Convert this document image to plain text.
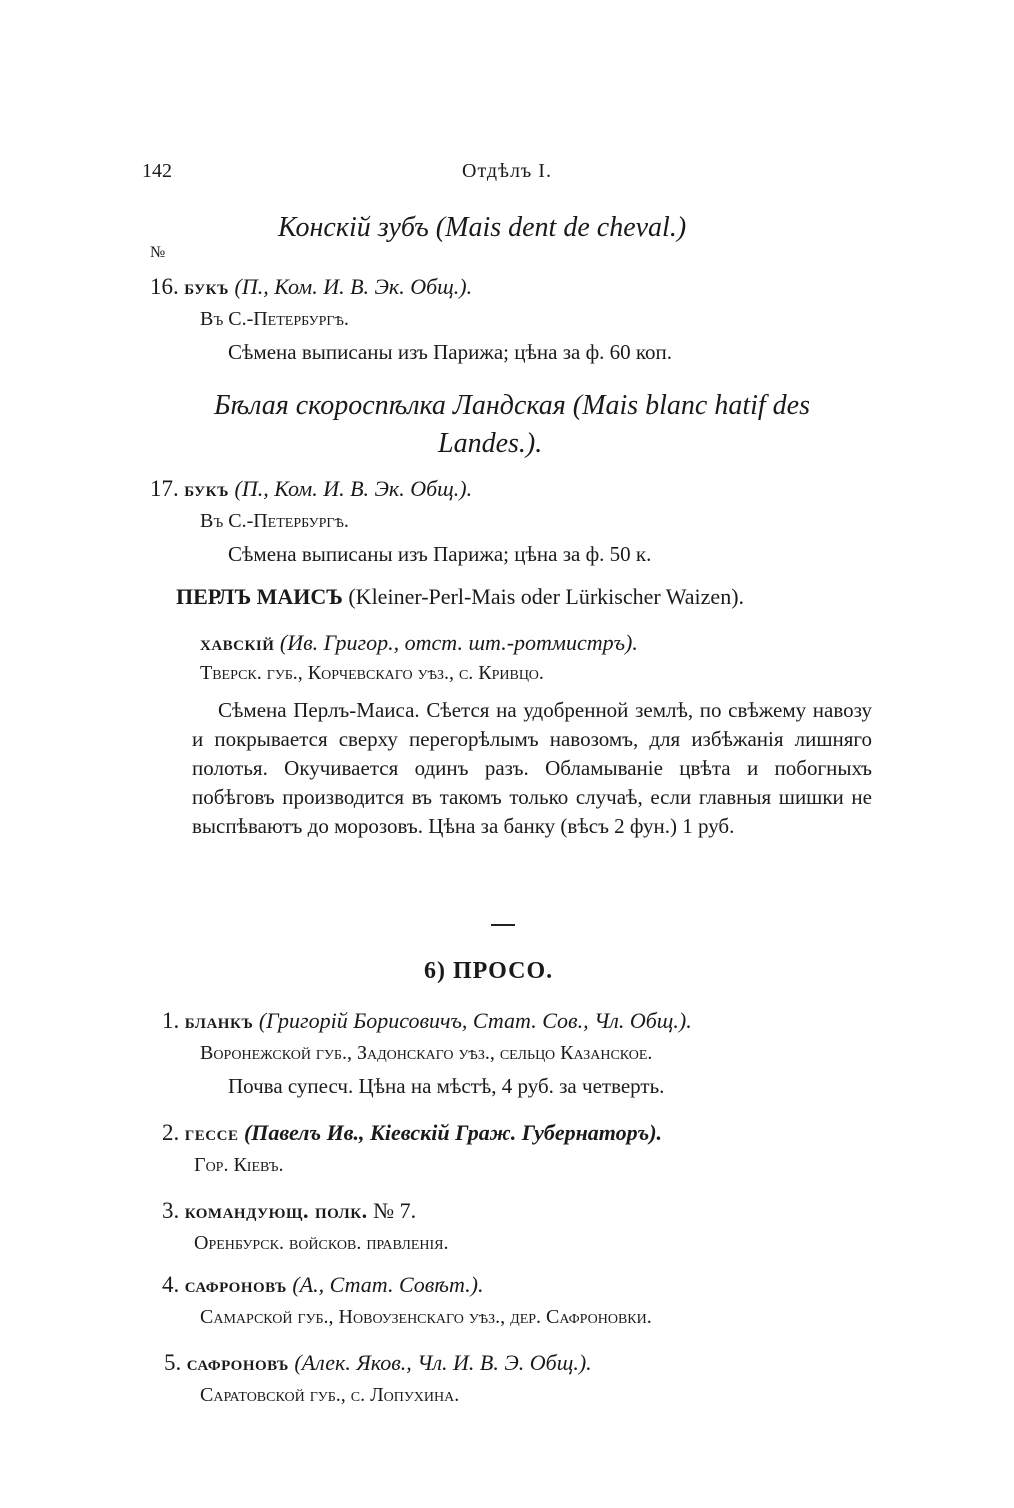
142	Отдѣлъ I.
Конскій зубъ (Mais dent de cheval.)
№
16. букъ (П., Ком. И. В. Эк. Общ.).
Въ С.-Петербургѣ.
Сѣмена выписаны изъ Парижа; цѣна за ф. 60 коп.
Бѣлая скороспѣлка Ландская (Mais blanc hatif des
Landes.).
17. букъ (П., Ком. И. В. Эк. Общ.).
Въ С.-Петербургѣ.
Сѣмена выписаны изъ Парижа; цѣна за ф. 50 к.
ПЕРЛЪ МАИСЪ (Kleiner-Perl-Mais oder Lürkischer Waizen).
хавскій (Ив. Григор., отст. шт.-ротмистръ).
Тверск. губ., Корчевскаго уѣз., с. Кривцо.
Сѣмена Перлъ-Маиса. Сѣется на удобренной землѣ, по свѣжему навозу и покрывается сверху перегорѣлымъ навозомъ, для избѣжанія лишняго полотья. Окучивается одинъ разъ. Обламываніе цвѣта и побогныхъ побѣговъ производится въ такомъ только случаѣ, если главныя шишки не выспѣваютъ до морозовъ. Цѣна за банку (вѣсъ 2 фун.) 1 руб.
6) ПРОСО.
1. бланкъ (Григорій Борисовичъ, Стат. Сов., Чл. Общ.).
Воронежской губ., Задонскаго уѣз., сельцо Казанское.
Почва супесч. Цѣна на мѣстѣ, 4 руб. за четверть.
2. гессе (Павелъ Ив., Кіевскій Граж. Губернаторъ).
Гор. Кіевъ.
3. командующ. полк. № 7.
Оренбурск. войсков. правленія.
4. сафроновъ (А., Стат. Совѣт.).
Самарской губ., Новоузенскаго уѣз., дер. Сафроновки.
5. сафроновъ (Алек. Яков., Чл. И. В. Э. Общ.).
Саратовской губ., с. Лопухина.
